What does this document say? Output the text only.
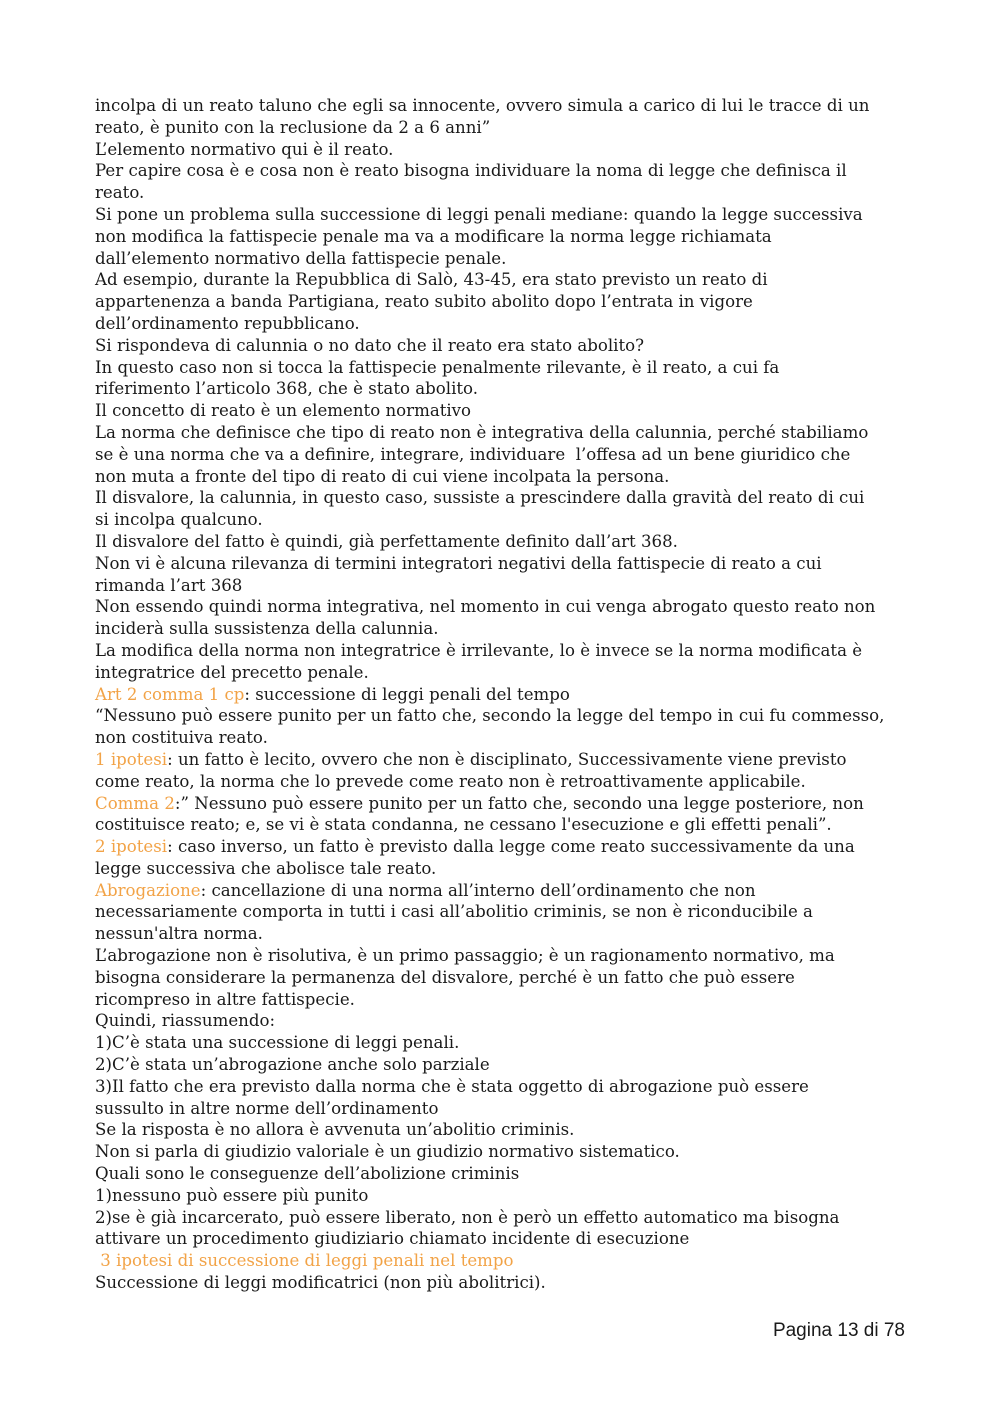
incolpa di un reato taluno che egli sa innocente, ovvero simula a carico di lui le tracce di un
reato, è punito con la reclusione da 2 a 6 anni”
L’elemento normativo qui è il reato.
Per capire cosa è e cosa non è reato bisogna individuare la noma di legge che definisca il
reato.
Si pone un problema sulla successione di leggi penali mediane: quando la legge successiva
non modifica la fattispecie penale ma va a modificare la norma legge richiamata
dall’elemento normativo della fattispecie penale.
Ad esempio, durante la Repubblica di Salò, 43-45, era stato previsto un reato di
appartenenza a banda Partigiana, reato subito abolito dopo l’entrata in vigore
dell’ordinamento repubblicano.
Si rispondeva di calunnia o no dato che il reato era stato abolito?
In questo caso non si tocca la fattispecie penalmente rilevante, è il reato, a cui fa
riferimento l’articolo 368, che è stato abolito.
Il concetto di reato è un elemento normativo
La norma che definisce che tipo di reato non è integrativa della calunnia, perché stabiliamo
se è una norma che va a definire, integrare, individuare  l’offesa ad un bene giuridico che
non muta a fronte del tipo di reato di cui viene incolpata la persona.
Il disvalore, la calunnia, in questo caso, sussiste a prescindere dalla gravità del reato di cui
si incolpa qualcuno.
Il disvalore del fatto è quindi, già perfettamente definito dall’art 368.
Non vi è alcuna rilevanza di termini integratori negativi della fattispecie di reato a cui
rimanda l’art 368
Non essendo quindi norma integrativa, nel momento in cui venga abrogato questo reato non
inciderà sulla sussistenza della calunnia.
La modifica della norma non integratrice è irrilevante, lo è invece se la norma modificata è
integratrice del precetto penale.
Art 2 comma 1 cp: successione di leggi penali del tempo
“Nessuno può essere punito per un fatto che, secondo la legge del tempo in cui fu commesso,
non costituiva reato.
1 ipotesi: un fatto è lecito, ovvero che non è disciplinato, Successivamente viene previsto
come reato, la norma che lo prevede come reato non è retroattivamente applicabile.
Comma 2:” Nessuno può essere punito per un fatto che, secondo una legge posteriore, non
costituisce reato; e, se vi è stata condanna, ne cessano l'esecuzione e gli effetti penali”.
2 ipotesi: caso inverso, un fatto è previsto dalla legge come reato successivamente da una
legge successiva che abolisce tale reato.
Abrogazione: cancellazione di una norma all’interno dell’ordinamento che non
necessariamente comporta in tutti i casi all’abolitio criminis, se non è riconducibile a
nessun'altra norma.
L’abrogazione non è risolutiva, è un primo passaggio; è un ragionamento normativo, ma
bisogna considerare la permanenza del disvalore, perché è un fatto che può essere
ricompreso in altre fattispecie.
Quindi, riassumendo:
1)C’è stata una successione di leggi penali.
2)C’è stata un’abrogazione anche solo parziale
3)Il fatto che era previsto dalla norma che è stata oggetto di abrogazione può essere
sussulto in altre norme dell’ordinamento
Se la risposta è no allora è avvenuta un’abolitio criminis.
Non si parla di giudizio valoriale è un giudizio normativo sistematico.
Quali sono le conseguenze dell’abolizione criminis
1)nessuno può essere più punito
2)se è già incarcerato, può essere liberato, non è però un effetto automatico ma bisogna
attivare un procedimento giudiziario chiamato incidente di esecuzione
3 ipotesi di successione di leggi penali nel tempo
Successione di leggi modificatrici (non più abolitrici).
Pagina 13 di 78
